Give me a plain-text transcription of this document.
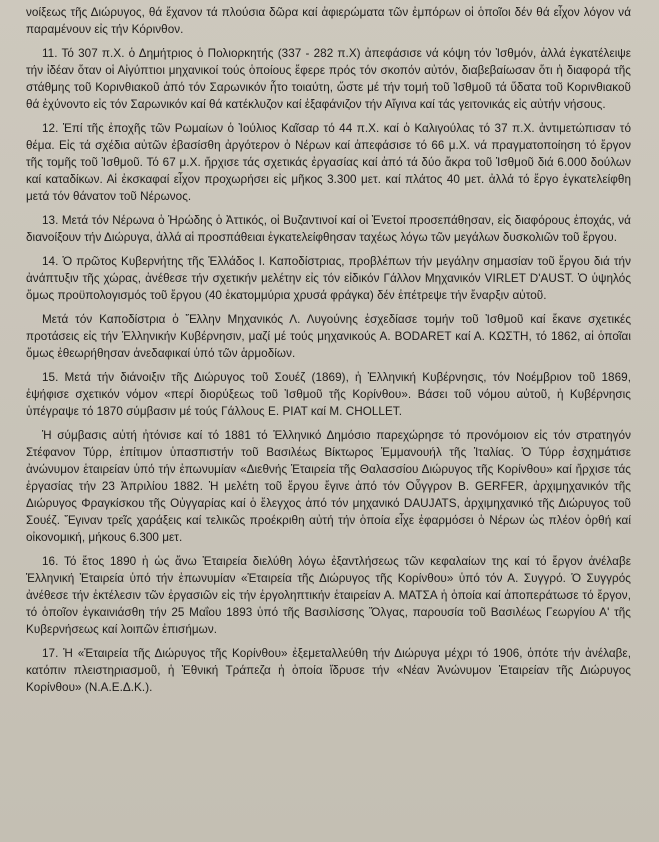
νοίξεως τῆς Διώρυγος, θά ἔχανον τά πλούσια δῶρα καί ἀφιερώματα τῶν ἐμπόρων οἱ ὁποῖοι δέν θά εἶχον λόγον νά παραμένουν εἰς τήν Κόρινθον.

11. Τό 307 π.Χ. ὁ Δημήτριος ὁ Πολιορκητής (337 - 282 π.Χ) ἀπεφάσισε νά κόψη τόν Ἰσθμόν, ἀλλά ἐγκατέλειψε τήν ἰδέαν ὅταν οἱ Αἰγύπτιοι μηχανικοί τούς ὁποίους ἔφερε πρός τόν σκοπόν αὐτόν, διαβεβαίωσαν ὅτι ἡ διαφορά τῆς στάθμης τοῦ Κορινθιακοῦ ἀπό τόν Σαρωνικόν ἦτο τοιαύτη, ὥστε μέ τήν τομή τοῦ Ἰσθμοῦ τά ὕδατα τοῦ Κορινθιακοῦ θά ἐχύνοντο εἰς τόν Σαρωνικόν καί θά κατέκλυζον καί ἐξαφάνιζον τήν Αἴγινα καί τάς γειτονικάς εἰς αὐτήν νήσους.

12. Ἐπί τῆς ἐποχῆς τῶν Ρωμαίων ὁ Ἰούλιος Καῖσαρ τό 44 π.Χ. καί ὁ Καλιγούλας τό 37 π.Χ. ἀντιμετώπισαν τό θέμα. Εἰς τά σχέδια αὐτῶν ἐβασίσθη ἀργότερον ὁ Νέρων καί ἀπεφάσισε τό 66 μ.Χ. νά πραγματοποίηση τό ἔργον τῆς τομῆς τοῦ Ἰσθμοῦ. Τό 67 μ.Χ. ἤρχισε τάς σχετικάς ἐργασίας καί ἀπό τά δύο ἄκρα τοῦ Ἰσθμοῦ διά 6.000 δούλων καί καταδίκων. Αἱ ἐκσκαφαί εἶχον προχωρήσει εἰς μῆκος 3.300 μετ. καί πλάτος 40 μετ. ἀλλά τό ἔργο ἐγκατελείφθη μετά τόν θάνατον τοῦ Νέρωνος.

13. Μετά τόν Νέρωνα ὁ Ἡρώδης ὁ Ἀττικός, οἱ Βυζαντινοί καί οἱ Ἐνετοί προσεπάθησαν, εἰς διαφόρους ἐποχάς, νά διανοίξουν τήν Διώρυγα, ἀλλά αἱ προσπάθειαι ἐγκατελείφθησαν ταχέως λόγω τῶν μεγάλων δυσκολιῶν τοῦ ἔργου.

14. Ὁ πρῶτος Κυβερνήτης τῆς Ἑλλάδος Ι. Καποδίστριας, προβλέπων τήν μεγάλην σημασίαν τοῦ ἔργου διά τήν ἀνάπτυξιν τῆς χώρας, ἀνέθεσε τήν σχετικήν μελέτην εἰς τόν εἰδικόν Γάλλον Μηχανικόν VIRLET D'AUST. Ὁ ὑψηλός ὅμως προϋπολογισμός τοῦ ἔργου (40 ἑκατομμύρια χρυσά φράγκα) δέν ἐπέτρεψε τήν ἔναρξιν αὐτοῦ.

Μετά τόν Καποδίστρια ὁ Ἕλλην Μηχανικός Λ. Λυγούνης ἐσχεδίασε τομήν τοῦ Ἰσθμοῦ καί ἔκανε σχετικές προτάσεις εἰς τήν Ἑλληνικήν Κυβέρνησιν, μαζί μέ τούς μηχανικούς Α. BODARET καί Α. ΚΩΣΤΗ, τό 1862, αἱ ὁποῖαι ὅμως ἐθεωρήθησαν ἀνεδαφικαί ὑπό τῶν ἁρμοδίων.

15. Μετά τήν διάνοιξιν τῆς Διώρυγος τοῦ Σουέζ (1869), ἡ Ἑλληνική Κυβέρνησις, τόν Νοέμβριον τοῦ 1869, ἐψήφισε σχετικόν νόμον «περί διορύξεως τοῦ Ἰσθμοῦ τῆς Κορίνθου». Βάσει τοῦ νόμου αὐτοῦ, ἡ Κυβέρνησις ὑπέγραψε τό 1870 σύμβασιν μέ τούς Γάλλους Ε. PIAT καί Μ. CHOLLET.

Ἡ σύμβασις αὐτή ἠτόνισε καί τό 1881 τό Ἑλληνικό Δημόσιο παρεχώρησε τό προνόμοιον εἰς τόν στρατηγόν Στέφανον Τύρρ, ἐπίτιμον ὑπασπιστήν τοῦ Βασιλέως Βίκτωρος Ἐμμανουήλ τῆς Ἰταλίας. Ὁ Τύρρ ἐσχημάτισε ἀνώνυμον ἑταιρείαν ὑπό τήν ἐπωνυμίαν «Διεθνής Ἑταιρεία τῆς Θαλασσίου Διώρυγος τῆς Κορίνθου» καί ἤρχισε τάς ἐργασίας τήν 23 Ἀπριλίου 1882. Ἡ μελέτη τοῦ ἔργου ἔγινε ἀπό τόν Οὖγγρον Β. GERFER, ἀρχιμηχανικόν τῆς Διώρυγος Φραγκίσκου τῆς Οὐγγαρίας καί ὁ ἔλεγχος ἀπό τόν μηχανικό DAUJATS, ἀρχιμηχανικό τῆς Διώρυγος τοῦ Σουέζ. Ἔγιναν τρεῖς χαράξεις καί τελικῶς προέκριθη αὐτή τήν ὁποία εἶχε ἐφαρμόσει ὁ Νέρων ὡς πλέον ὀρθή καί οἰκονομική, μήκους 6.300 μετ.

16. Τό ἔτος 1890 ἡ ὡς ἄνω Ἑταιρεία διελύθη λόγω ἐξαντλήσεως τῶν κεφαλαίων της καί τό ἔργον ἀνέλαβε Ἑλληνική Ἑταιρεία ὑπό τήν ἐπωνυμίαν «Ἑταιρεία τῆς Διώρυγος τῆς Κορίνθου» ὑπό τόν Α. Συγγρό. Ὁ Συγγρός ἀνέθεσε τήν ἐκτέλεσιν τῶν ἐργασιῶν εἰς τήν ἐργοληπτικήν ἑταιρείαν Α. ΜΑΤΣΑ ἡ ὁποία καί ἀποπεράτωσε τό ἔργον, τό ὁποῖον ἐγκαινιάσθη τήν 25 Μαΐου 1893 ὑπό τῆς Βασιλίσσης Ὄλγας, παρουσία τοῦ Βασιλέως Γεωργίου Α' τῆς Κυβερνήσεως καί λοιπῶν ἐπισήμων.

17. Ἡ «Ἑταιρεία τῆς Διώρυγος τῆς Κορίνθου» ἐξεμεταλλεύθη τήν Διώρυγα μέχρι τό 1906, ὁπότε τήν ἀνέλαβε, κατόπιν πλειστηριασμοῦ, ἡ Ἐθνική Τράπεζα ἡ ὁποία ἵδρυσε τήν «Νέαν Ἀνώνυμον Ἑταιρείαν τῆς Διώρυγος Κορίνθου» (Ν.Α.Ε.Δ.Κ.).
